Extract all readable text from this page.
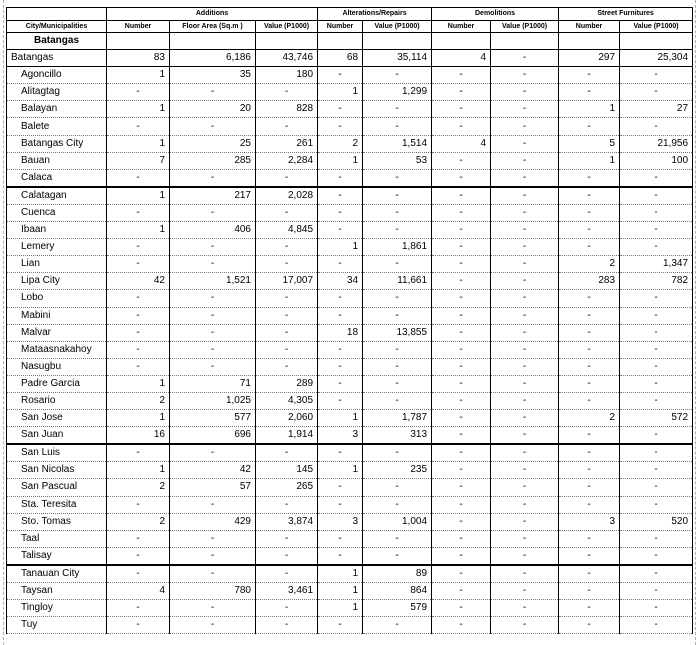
	Additions			Alterations/Repairs		Demolitions		Street Furnitures	
City/Municipalities	Number	Floor Area (Sq.m )	Value (P1000)	Number	Value (P1000)	Number	Value (P1000)	Number	Value (P1000)
Batangas									
Batangas	83	6,186	43,746	68	35,114	4	-	297	25,304
Agoncillo	1	35	180	-	-	-	-	-	-
Alitagtag	-	-	-	1	1,299	-	-	-	-
Balayan	1	20	828	-	-	-	-	1	27
Balete	-	-	-	-	-	-	-	-	-
Batangas City	1	25	261	2	1,514	4	-	5	21,956
Bauan	7	285	2,284	1	53	-	-	1	100
Calaca	-	-	-	-	-	-	-	-	-
Calatagan	1	217	2,028	-	-	-	-	-	-
Cuenca	-	-	-	-	-	-	-	-	-
Ibaan	1	406	4,845	-	-	-	-	-	-
Lemery	-	-	-	1	1,861	-	-	-	-
Lian	-	-	-	-	-	-	-	2	1,347
Lipa City	42	1,521	17,007	34	11,661	-	-	283	782
Lobo	-	-	-	-	-	-	-	-	-
Mabini	-	-	-	-	-	-	-	-	-
Malvar	-	-	-	18	13,855	-	-	-	-
Mataasnakahoy	-	-	-	-	-	-	-	-	-
Nasugbu	-	-	-	-	-	-	-	-	-
Padre Garcia	1	71	289	-	-	-	-	-	-
Rosario	2	1,025	4,305	-	-	-	-	-	-
San Jose	1	577	2,060	1	1,787	-	-	2	572
San Juan	16	696	1,914	3	313	-	-	-	-
San Luis	-	-	-	-	-	-	-	-	-
San Nicolas	1	42	145	1	235	-	-	-	-
San Pascual	2	57	265	-	-	-	-	-	-
Sta. Teresita	-	-	-	-	-	-	-	-	-
Sto. Tomas	2	429	3,874	3	1,004	-	-	3	520
Taal	-	-	-	-	-	-	-	-	-
Talisay	-	-	-	-	-	-	-	-	-
Tanauan City	-	-	-	1	89	-	-	-	-
Taysan	4	780	3,461	1	864	-	-	-	-
Tingloy	-	-	-	1	579	-	-	-	-
Tuy	-	-	-	-	-	-	-	-	-
